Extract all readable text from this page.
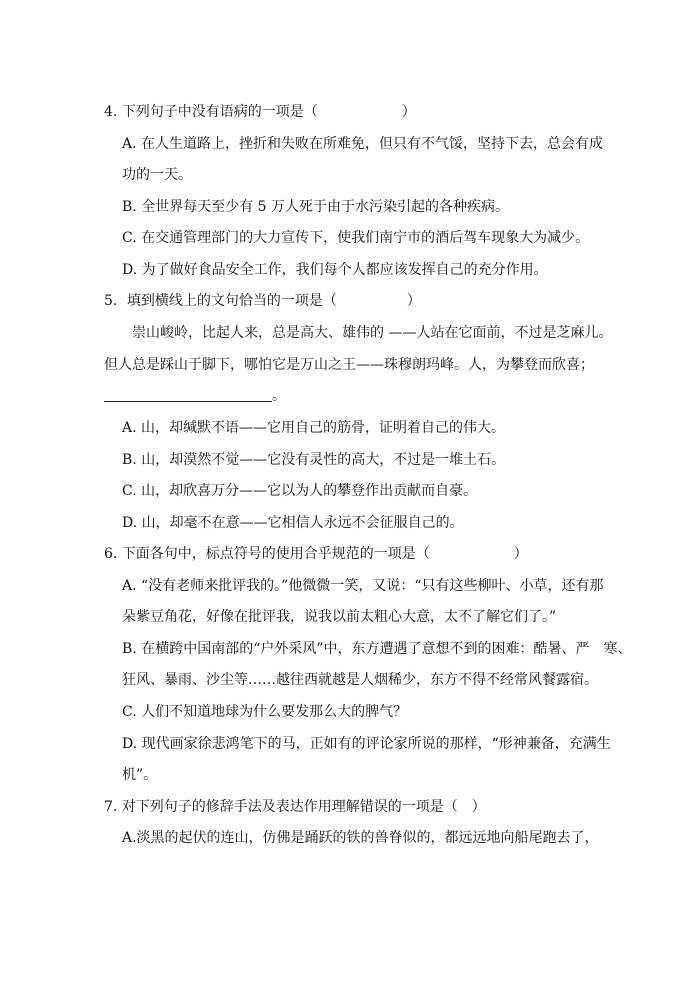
4. 下列句子中没有语病的一项是（　　　　　　）
A. 在人生道路上，挫折和失败在所难免，但只有不气馁，坚持下去，总会有成
功的一天。
B. 全世界每天至少有 5 万人死于由于水污染引起的各种疾病。
C. 在交通管理部门的大力宣传下，使我们南宁市的酒后驾车现象大为减少。
D. 为了做好食品安全工作，我们每个人都应该发挥自己的充分作用。
5．填到横线上的文句恰当的一项是（　　　　　）
崇山峻岭，比起人来，总是高大、雄伟的 ——人站在它面前，不过是芝麻儿。
但人总是踩山于脚下，哪怕它是万山之王——珠穆朗玛峰。人，为攀登而欣喜；
。
A. 山，却缄默不语——它用自己的筋骨，证明着自己的伟大。
B. 山，却漠然不觉——它没有灵性的高大，不过是一堆土石。
C. 山，却欣喜万分——它以为人的攀登作出贡献而自豪。
D. 山，却毫不在意——它相信人永远不会征服自己的。
6. 下面各句中，标点符号的使用合乎规范的一项是（　　　　　　）
A. “没有老师来批评我的。”他微微一笑，又说：“只有这些柳叶、小草，还有那
朵紫豆角花，好像在批评我，说我以前太粗心大意，太不了解它们了。”
B. 在横跨中国南部的“户外采风”中，东方遭遇了意想不到的困难：酷暑、严　寒、
狂风、暴雨、沙尘等……越往西就越是人烟稀少，东方不得不经常风餐露宿。
C. 人们不知道地球为什么要发那么大的脾气？
D. 现代画家徐悲鸿笔下的马，正如有的评论家所说的那样，“形神兼备，充满生
机”。
7. 对下列句子的修辞手法及表达作用理解错误的一项是（　）
A.淡黑的起伏的连山，仿佛是踊跃的铁的兽脊似的，都远远地向船尾跑去了，
